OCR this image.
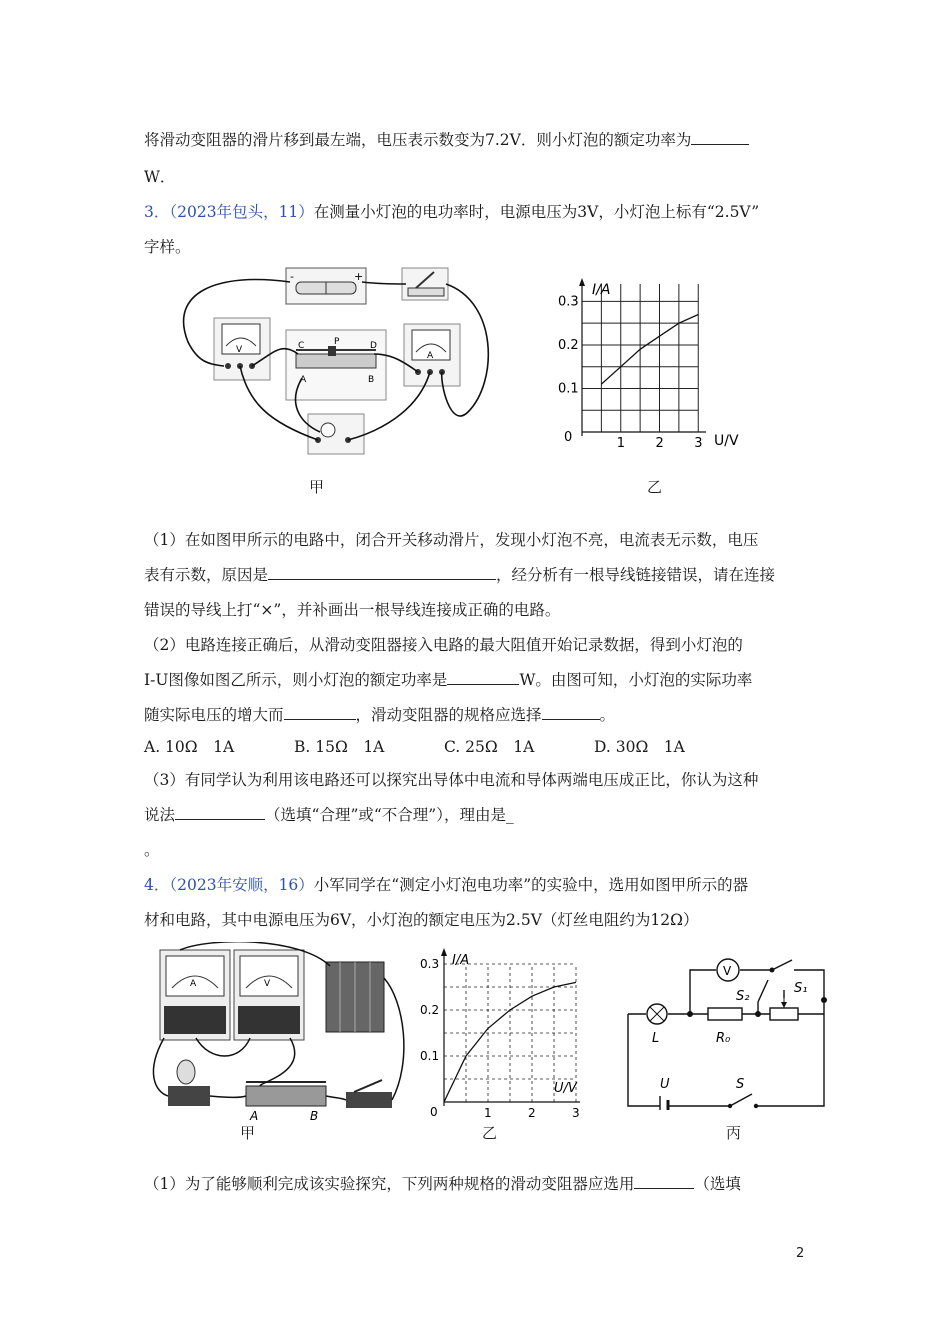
将滑动变阻器的滑片移到最左端，电压表示数变为7.2V．则小灯泡的额定功率为
W．
3．（2023年包头，11）在测量小灯泡的电功率时，电源电压为3V，小灯泡上标有“2.5V”
字样。
-	+
V	C	P	D
A	B
A
I/A
U/V
0	1 2 3
0.1
0.2
0.3
甲	乙
（1）在如图甲所示的电路中，闭合开关移动滑片，发现小灯泡不亮，电流表无示数，电压
表有示数，原因是	，经分析有一根导线链接错误，请在连接
错误的导线上打“×”，并补画出一根导线连接成正确的电路。
（2）电路连接正确后，从滑动变阻器接入电路的最大阻值开始记录数据，得到小灯泡的
I-U图像如图乙所示，则小灯泡的额定功率是	W。由图可知，小灯泡的实际功率
随实际电压的增大而	，滑动变阻器的规格应选择	。
A. 10Ω　1A	B. 15Ω　1A	C. 25Ω　1A	D. 30Ω　1A
（3）有同学认为利用该电路还可以探究出导体中电流和导体两端电压成正比，你认为这种
说法	（选填“合理”或“不合理”），理由是_
。
4．（2023年安顺，16）小军同学在“测定小灯泡电功率”的实验中，选用如图甲所示的器
材和电路，其中电源电压为6V，小灯泡的额定电压为2.5V（灯丝电阻约为12Ω）
A	V
A	B
I/A
U/V
0	1	2	3
0.1
0.2
0.3
L
V
R₀
S₁
S₂
U	S
甲	乙	丙
（1）为了能够顺利完成该实验探究，下列两种规格的滑动变阻器应选用	（选填
2
